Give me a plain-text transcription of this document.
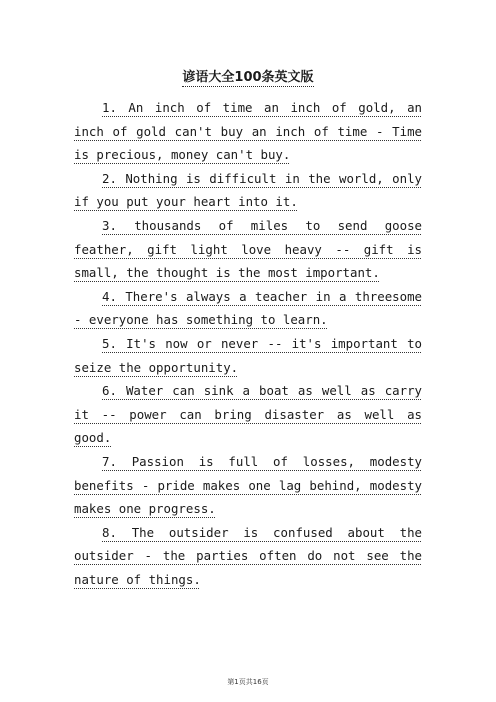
谚语大全100条英文版

1. An inch of time an inch of gold, an inch of gold can't buy an inch of time - Time is precious, money can't buy.

2. Nothing is difficult in the world, only if you put your heart into it.

3. thousands of miles to send goose feather, gift light love heavy -- gift is small, the thought is the most important.

4. There's always a teacher in a threesome - everyone has something to learn.

5. It's now or never -- it's important to seize the opportunity.

6. Water can sink a boat as well as carry it -- power can bring disaster as well as good.

7. Passion is full of losses, modesty benefits - pride makes one lag behind, modesty makes one progress.

8. The outsider is confused about the outsider - the parties often do not see the nature of things.

第1页共16页
